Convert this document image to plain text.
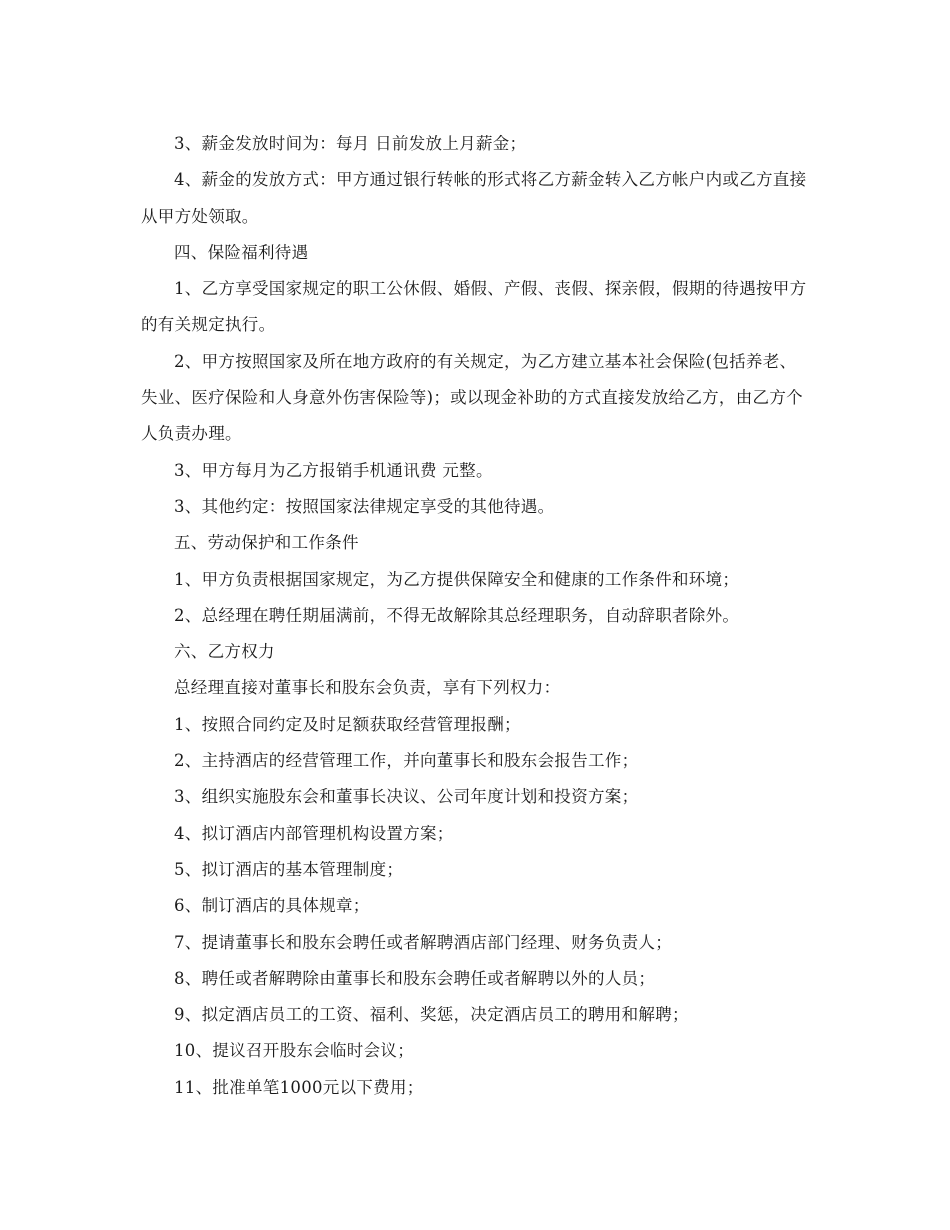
3、薪金发放时间为：每月 日前发放上月薪金；

4、薪金的发放方式：甲方通过银行转帐的形式将乙方薪金转入乙方帐户内或乙方直接从甲方处领取。

四、保险福利待遇

1、乙方享受国家规定的职工公休假、婚假、产假、丧假、探亲假，假期的待遇按甲方的有关规定执行。

2、甲方按照国家及所在地方政府的有关规定，为乙方建立基本社会保险(包括养老、失业、医疗保险和人身意外伤害保险等)；或以现金补助的方式直接发放给乙方，由乙方个人负责办理。

3、甲方每月为乙方报销手机通讯费 元整。

3、其他约定：按照国家法律规定享受的其他待遇。

五、劳动保护和工作条件

1、甲方负责根据国家规定，为乙方提供保障安全和健康的工作条件和环境；

2、总经理在聘任期届满前，不得无故解除其总经理职务，自动辞职者除外。

六、乙方权力

总经理直接对董事长和股东会负责，享有下列权力：

1、按照合同约定及时足额获取经营管理报酬；

2、主持酒店的经营管理工作，并向董事长和股东会报告工作；

3、组织实施股东会和董事长决议、公司年度计划和投资方案；

4、拟订酒店内部管理机构设置方案；

5、拟订酒店的基本管理制度；

6、制订酒店的具体规章；

7、提请董事长和股东会聘任或者解聘酒店部门经理、财务负责人；

8、聘任或者解聘除由董事长和股东会聘任或者解聘以外的人员；

9、拟定酒店员工的工资、福利、奖惩，决定酒店员工的聘用和解聘；

10、提议召开股东会临时会议；

11、批准单笔1000元以下费用；
